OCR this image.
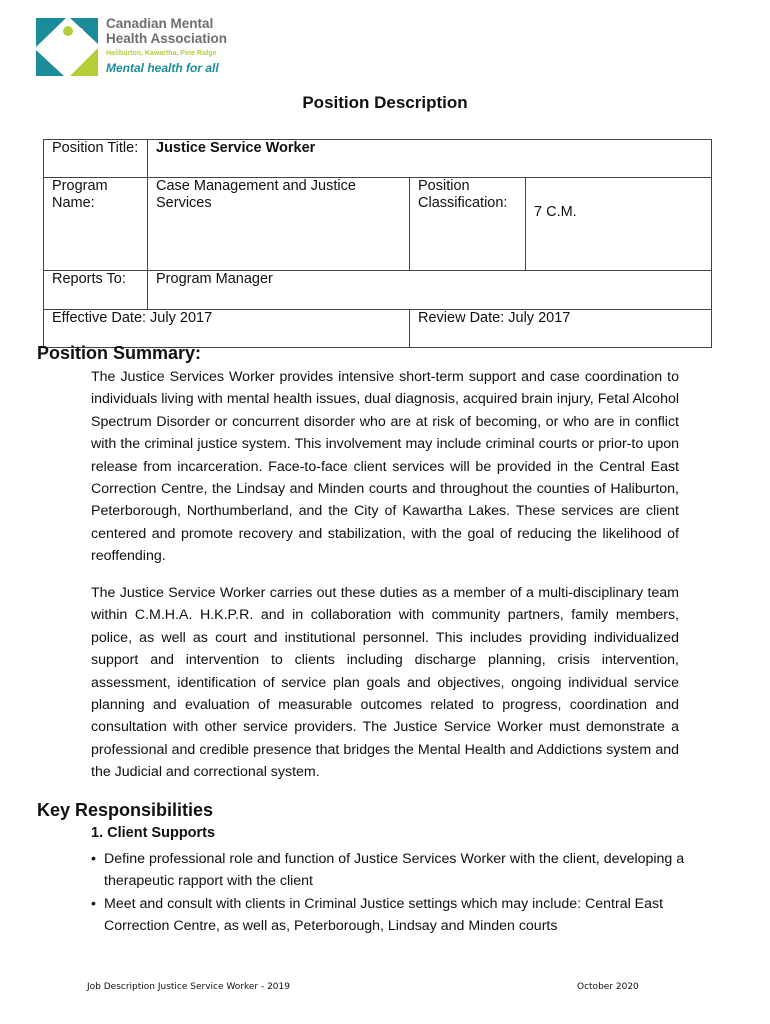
Canadian Mental
Health Association
Haliburton, Kawartha, Pine Ridge
Mental health for all
Position Description
Position Title:	Justice Service Worker		
Program Name:	Case Management and Justice Services	Position Classification:	7 C.M.
Reports To:	Program Manager		
Effective Date: July 2017		Review Date: July 2017	
Position Summary:
The Justice Services Worker provides intensive short-term support and case coordination to individuals living with mental health issues, dual diagnosis, acquired brain injury, Fetal Alcohol Spectrum Disorder or concurrent disorder who are at risk of becoming, or who are in conflict with the criminal justice system. This involvement may include criminal courts or prior-to upon release from incarceration. Face-to-face client services will be provided in the Central East Correction Centre, the Lindsay and Minden courts and throughout the counties of Haliburton, Peterborough, Northumberland, and the City of Kawartha Lakes. These services are client centered and promote recovery and stabilization, with the goal of reducing the likelihood of reoffending.
The Justice Service Worker carries out these duties as a member of a multi-disciplinary team within C.M.H.A. H.K.P.R. and in collaboration with community partners, family members, police, as well as court and institutional personnel. This includes providing individualized support and intervention to clients including discharge planning, crisis intervention, assessment, identification of service plan goals and objectives, ongoing individual service planning and evaluation of measurable outcomes related to progress, coordination and consultation with other service providers. The Justice Service Worker must demonstrate a professional and credible presence that bridges the Mental Health and Addictions system and the Judicial and correctional system.
Key Responsibilities
1. Client Supports
• Define professional role and function of Justice Services Worker with the client, developing a therapeutic rapport with the client
• Meet and consult with clients in Criminal Justice settings which may include: Central East Correction Centre, as well as, Peterborough, Lindsay and Minden courts
Job Description Justice Service Worker - 2019	October 2020
